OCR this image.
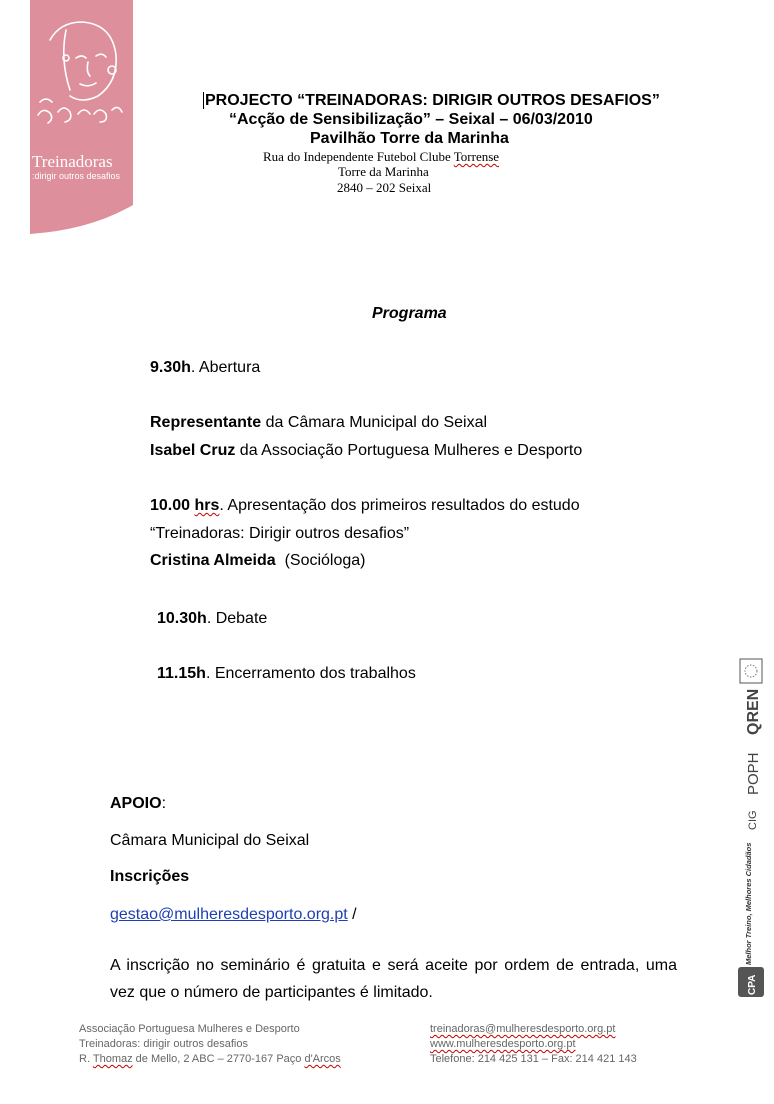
Treinadoras
:dirigir outros desafios
PROJECTO “TREINADORAS: DIRIGIR OUTROS DESAFIOS”
“Acção de Sensibilização” – Seixal – 06/03/2010
Pavilhão Torre da Marinha
Rua do Independente Futebol Clube Torrense
Torre da Marinha
2840 – 202 Seixal
Programa
9.30h. Abertura
Representante da Câmara Municipal do Seixal
Isabel Cruz da Associação Portuguesa Mulheres e Desporto
10.00 hrs. Apresentação dos primeiros resultados do estudo
“Treinadoras: Dirigir outros desafios”
Cristina Almeida  (Socióloga)
10.30h. Debate
11.15h. Encerramento dos trabalhos
APOIO:
Câmara Municipal do Seixal
Inscrições
gestao@mulheresdesporto.org.pt /
A inscrição no seminário é gratuita e será aceite por ordem de entrada, uma vez que o número de participantes é limitado.
Associação Portuguesa Mulheres e Desporto
Treinadoras: dirigir outros desafios
R. Thomaz de Mello, 2 ABC – 2770-167 Paço d'Arcos
treinadoras@mulheresdesporto.org.pt
www.mulheresdesporto.org.pt
Telefone: 214 425 131 – Fax: 214 421 143
QREN
POPH
CIG
Melhor Treino, Melhores Cidadãos
CPA
